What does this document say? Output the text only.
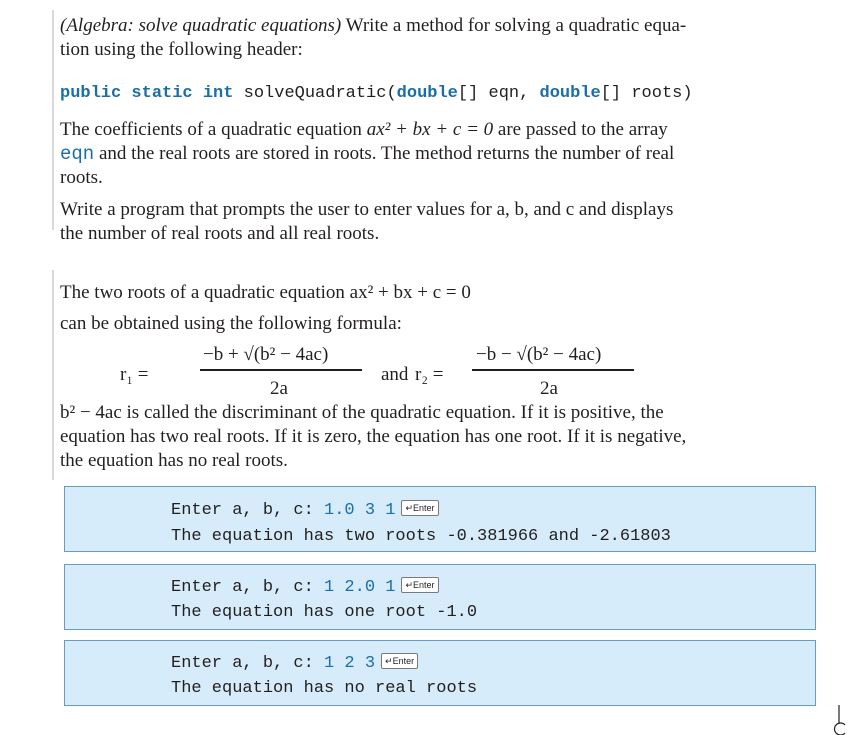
(Algebra: solve quadratic equations) Write a method for solving a quadratic equa-
tion using the following header:
public static int solveQuadratic(double[] eqn, double[] roots)
The coefficients of a quadratic equation ax² + bx + c = 0 are passed to the array
eqn and the real roots are stored in roots. The method returns the number of real
roots.
Write a program that prompts the user to enter values for a, b, and c and displays
the number of real roots and all real roots.
The two roots of a quadratic equation ax² + bx + c = 0
can be obtained using the following formula:
r₁ =
−b + √(b² − 4ac)
2a
and r₂ =
−b − √(b² − 4ac)
2a
b² − 4ac is called the discriminant of the quadratic equation. If it is positive, the
equation has two real roots. If it is zero, the equation has one root. If it is negative,
the equation has no real roots.
Enter a, b, c: 1.0 3 1 ↵Enter
The equation has two roots -0.381966 and -2.61803
Enter a, b, c: 1 2.0 1 ↵Enter
The equation has one root -1.0
Enter a, b, c: 1 2 3 ↵Enter
The equation has no real roots
